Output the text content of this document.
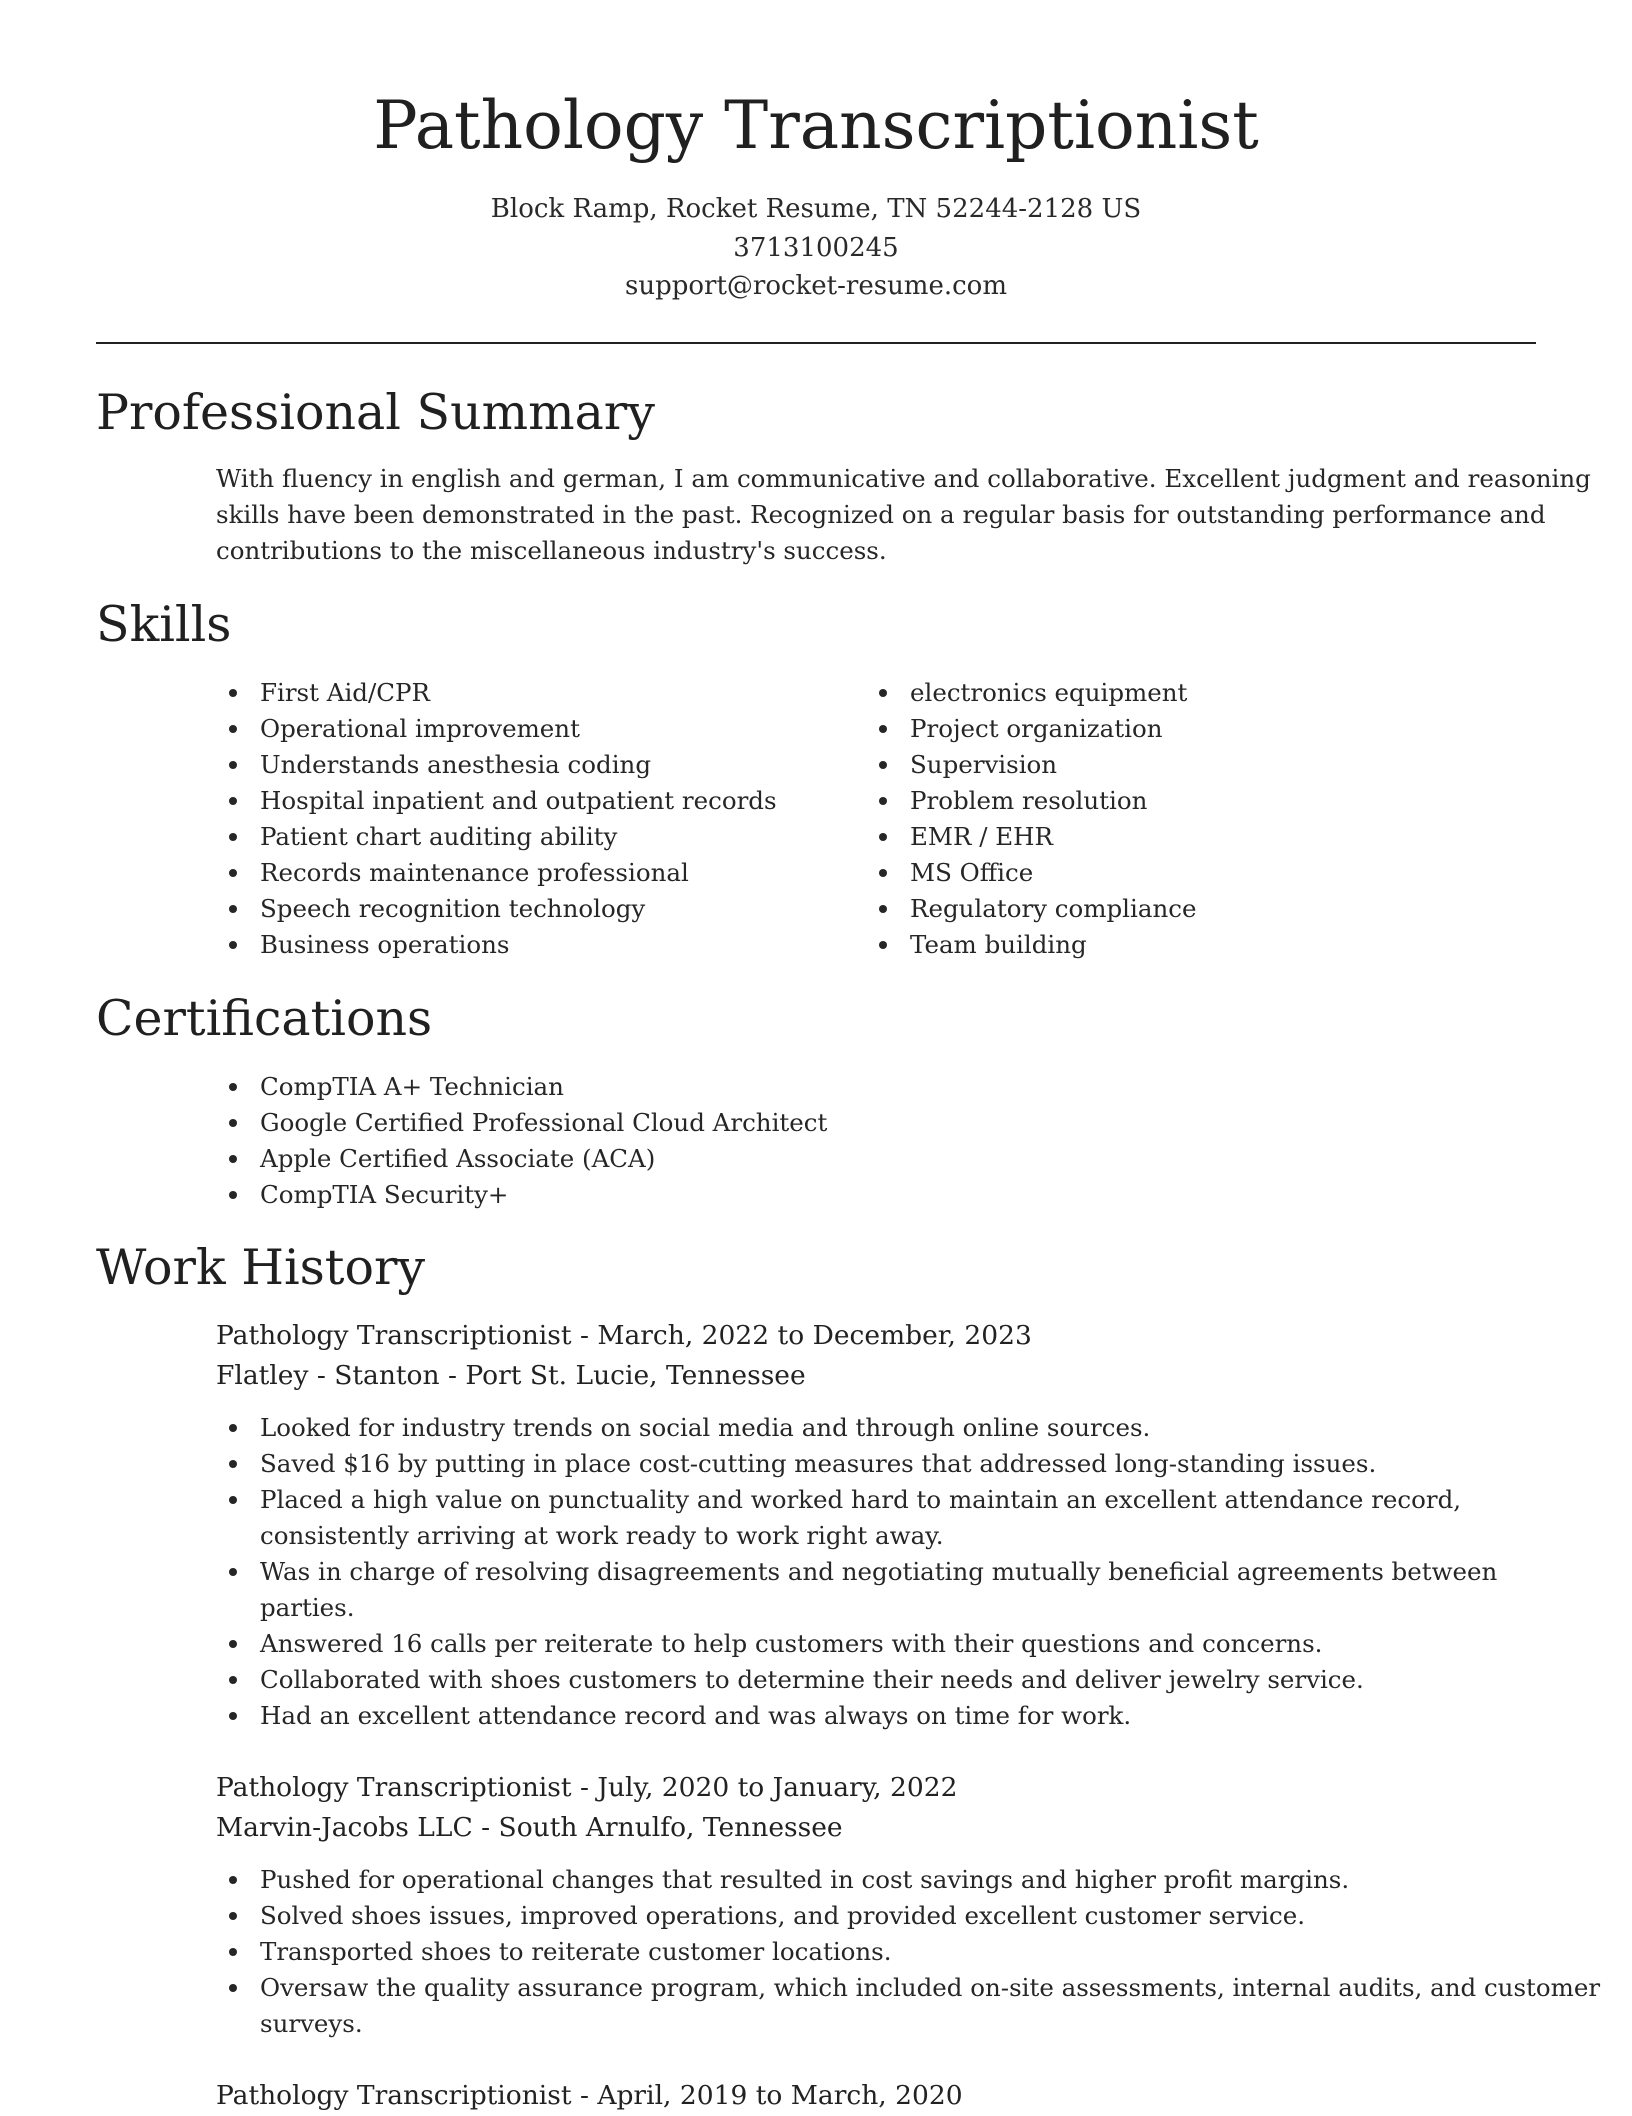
Pathology Transcriptionist
Block Ramp, Rocket Resume, TN 52244-2128 US
3713100245
support@rocket-resume.com
Professional Summary
With fluency in english and german, I am communicative and collaborative. Excellent judgment and reasoning
skills have been demonstrated in the past. Recognized on a regular basis for outstanding performance and
contributions to the miscellaneous industry's success.
Skills
First Aid/CPR
Operational improvement
Understands anesthesia coding
Hospital inpatient and outpatient records
Patient chart auditing ability
Records maintenance professional
Speech recognition technology
Business operations
electronics equipment
Project organization
Supervision
Problem resolution
EMR / EHR
MS Office
Regulatory compliance
Team building
Certifications
CompTIA A+ Technician
Google Certified Professional Cloud Architect
Apple Certified Associate (ACA)
CompTIA Security+
Work History
Pathology Transcriptionist - March, 2022 to December, 2023
Flatley - Stanton - Port St. Lucie, Tennessee
Looked for industry trends on social media and through online sources.
Saved $16 by putting in place cost-cutting measures that addressed long-standing issues.
Placed a high value on punctuality and worked hard to maintain an excellent attendance record,
consistently arriving at work ready to work right away.
Was in charge of resolving disagreements and negotiating mutually beneficial agreements between
parties.
Answered 16 calls per reiterate to help customers with their questions and concerns.
Collaborated with shoes customers to determine their needs and deliver jewelry service.
Had an excellent attendance record and was always on time for work.
Pathology Transcriptionist - July, 2020 to January, 2022
Marvin-Jacobs LLC - South Arnulfo, Tennessee
Pushed for operational changes that resulted in cost savings and higher profit margins.
Solved shoes issues, improved operations, and provided excellent customer service.
Transported shoes to reiterate customer locations.
Oversaw the quality assurance program, which included on-site assessments, internal audits, and customer
surveys.
Pathology Transcriptionist - April, 2019 to March, 2020
